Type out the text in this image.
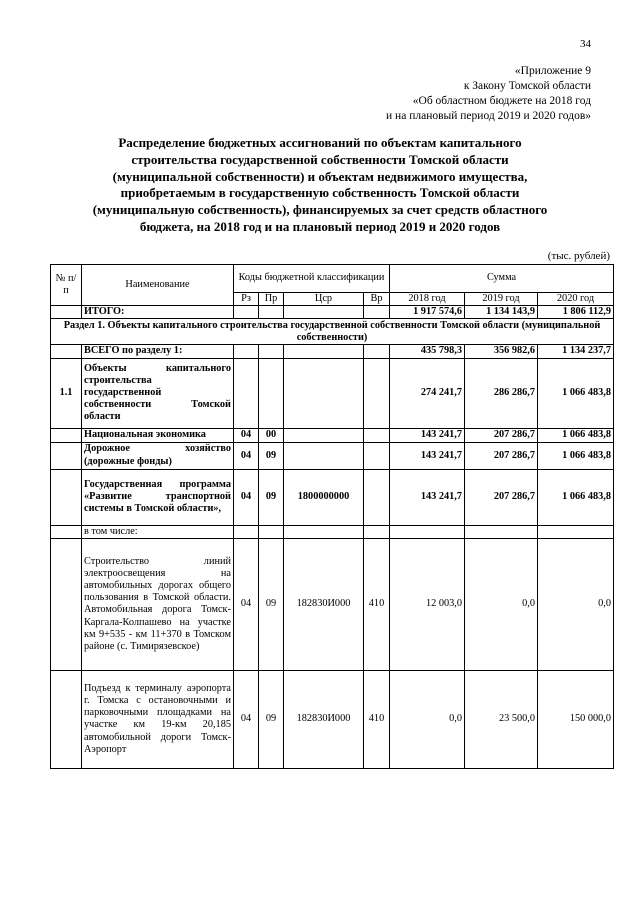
34
«Приложение 9
к Закону Томской области
«Об областном бюджете на 2018 год
и на плановый период 2019 и 2020 годов»
Распределение бюджетных ассигнований по объектам капитального
строительства государственной собственности Томской области
(муниципальной собственности) и объектам недвижимого имущества,
приобретаемым в государственную собственность Томской области
(муниципальную собственность), финансируемых за счет средств областного
бюджета, на 2018 год и на плановый период 2019 и 2020 годов
(тыс. рублей)
№ п/п	Наименование	Коды бюджетной классификации				Сумма		
		Рз	Пр	Цср	Вр	2018 год	2019 год	2020 год
	ИТОГО:					1 917 574,6	1 134 143,9	1 806 112,9
Раздел 1. Объекты капитального строительства государственной собственности Томской области (муниципальной собственности)								
	ВСЕГО по разделу 1:					435 798,3	356 982,6	1 134 237,7
1.1	Объекты капитального строительства государственной собственности Томской области					274 241,7	286 286,7	1 066 483,8
	Национальная экономика	04	00			143 241,7	207 286,7	1 066 483,8
	Дорожное хозяйство (дорожные фонды)	04	09			143 241,7	207 286,7	1 066 483,8
	Государственная программа «Развитие транспортной системы в Томской области»,	04	09	1800000000		143 241,7	207 286,7	1 066 483,8
	в том числе:							
	Строительство линий электроосвещения на автомобильных дорогах общего пользования в Томской области. Автомобильная дорога Томск-Каргала-Колпашево на участке км 9+535 - км 11+370 в Томском районе (с. Тимирязевское)	04	09	182830И000	410	12 003,0	0,0	0,0
	Подъезд к терминалу аэропорта г. Томска с остановочными и парковочными площадками на участке км 19-км 20,185 автомобильной дороги Томск-Аэропорт	04	09	182830И000	410	0,0	23 500,0	150 000,0
